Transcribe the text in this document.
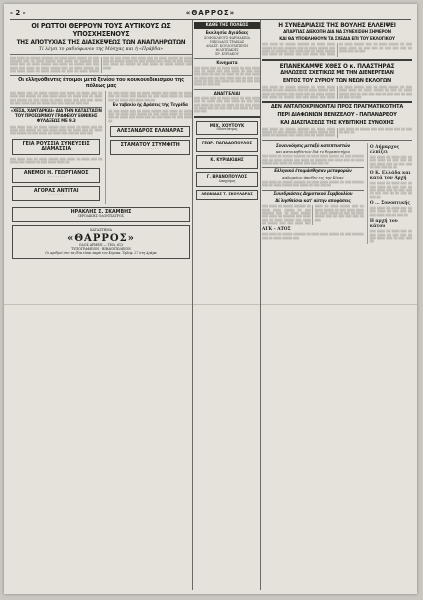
- 2 -	«ΘΑΡΡΟΣ»
ΟΙ ΡΩΤΤΟΙ ΘΕΡΡΟΥΝ ΤΟΥΣ ΑΥΤΙΚΟΥΣ ΩΣ ΥΠΟΣΧΗΣΕΝΟΥΣ
ΤΗΣ ΑΠΟΤΥΧΙΑΣ ΤΗΣ ΔΙΑΣΚΕΨΕΩΣ ΤΩΝ ΑΝΑΠΛΗΡΩΤΩΝ
Τί λέγει το ραδιόφωνον της Μόσχας και ή «Πράβδα»
░░░ ░░░░ ░░ ░░░░░ ░░░░░░ ░░ ░░░░ ░░░░ ░░░░░ ░░ ░░░ ░░░░░░ ░░░ ░░ ░░░░ ░░░░░ ░░░ ░░░░ ░░ ░░░░░░ ░░░ ░░░░ ░░░ ░░ ░░░░ ░░░░░ ░░░ ░░░░ ░░ ░░░░░ ░░░ ░░░ ░░░░ ░░░ ░░░░ ░░ ░░░░ ░░░░░ ░░░ ░░ ░░░░ ░░░░░ ░░ ░░░ ░░░░ ░░░░ ░░ ░░░░ ░░░░░ ░░ ░░░ ░░ ░░░░ ░░░░░ ░░░ ░░ ░░░ ░░░░ ░░░ ░░░░ ░░░ ░░ ░░░░ ░░░░░ ░░ ░░░░ ░░░ ░░ ░░░░░ ░░░░ ░░ ░░░ ░░░░░ ░░░ ░░░░ ░░ ░░░ ░░░░ ░░░ ░░░░ ░░ ░░░░░ ░░ ░░░ ░░░░ ░░ ░░░░ ░░░░░ ░░░ ░░░░
Οι ελληνόθεντες έτοιμοι μετά ξενίου του κουκουεδικισμου της πόλεως μας
░░░ ░░░░ ░░░ ░░ ░░░░ ░░░░░ ░░░ ░░░░ ░░ ░░░░ ░░░ ░░ ░░░░ ░░░ ░░░░░ ░░ ░░░ ░░░░ ░░░░ ░░ ░░░░ ░░░ ░░ ░░░░ ░░░ ░░░░░ ░░ ░░░ ░░░░ ░░ ░░░░ ░░░░ ░░░ ░░░ ░░░ ░░░░ ░░ ░░░ ░░░░ ░░░ ░░ ░░░░ ░░░ ░░░ ░░░ ░░ ░░░ ░░░
«ΧΕΣΑ, ΧΑΝΤΑΡΚΑΙ» ΔΙΑ ΤΗΝ ΚΑΤΑΣΤΑΣΙΝ ΤΟΥ ΠΡΟΣΩΡΙΝΟΥ ΓΡΑΦΕΙΟΥ ΕΘΝΙΚΗΣ ΦΥΛΑΞΕΩΣ ΜΕ 9.3
░░░ ░░░░ ░░░ ░░ ░░░░ ░░░░░ ░░░ ░░░░ ░░ ░░░░ ░░░ ░░ ░░░░ ░░░ ░░░░░ ░░ ░░░ ░░░░ ░░░░ ░░ ░░░░ ░░░ ░░ ░░░░ ░░░ ░░░░░ ░░ ░░░ ░░░░ ░░ ░░░░ ░░░ ░░░ ░░ ░░░ ░░░
ΓΕΙΑ ΡΟΥΣΣΙΑ ΣΥΝΕΥΞΕΙΣ ΔΙΑΜΑΣΣΙΑ
░░░ ░░░░ ░░░ ░░ ░░░░ ░░░░░ ░░░ ░░░░ ░░ ░░░░ ░░░ ░░ ░░░░ ░░░ ░░░░░ ░░ ░░░ ░░░░ ░░░░ ░░
ΑΝΕΜΟΙ Η. ΓΕΩΡΓΙΑΝΟΣ
· · · · · · · · ·
ΑΓΟΡΑΣ ΑΝΤΙΤΑΙ
· · · · · · · ·
░░ ░░░ ░░░░ ░░░ ░░ ░░░░ ░░░░░ ░░░ ░░░░ ░░ ░░░░ ░░░ ░░ ░░░░ ░░░ ░░░░░ ░░ ░░░ ░░░░ ░░░░ ░░ ░░░░ ░░░ ░░ ░░░░ ░░░ ░░░░ ░░░ ░░
Εν ταβεκίο ής Δράσεις τής Τεγρέδα
░░ ░░░ ░░░░ ░░░ ░░ ░░░░ ░░░░░ ░░░ ░░░░ ░░ ░░░░ ░░░ ░░ ░░░░ ░░░ ░░░░░ ░░ ░░░ ░░░░ ░░░░ ░░ ░░░░ ░░░ ░░ ░░░░ ░░░ ░░░░ ░░░ ░░ ░░░ ░░░░ ░░ ░░░ ░░░░ ░░
ΑΛΕΞΑΝΔΡΟΣ ΕΛΑΝΑΡΑΣ
ΣΤΑΜΑΤΟΥ ΣΤΥΜΦΙΤΗ
· · · · · · · ·
ΗΡΑΚΛΗΣ Σ. ΣΚΑΜΒΗΣ
ΙΕΡΟΔΙΚΗΣ ΟΔΟΝΤΙΑΤΡΟΣ
ΚΑΤΑΣΤΗΜΑ
«ΘΑΡΡΟΣ»
ΟΔΟΣ ΑΡΜΕΝ — ΤΗΛ. 613
ΤΥΠΟΓΡΑΦΕΙΟΝ · ΒΙΒΛΙΟΠΩΛΕΙΟΝ
Οι αριθμοί στο τα ίδια είσαι παρά του Κυριακ. Τηλεφ. 27 στη Δράμα
ΚΑΘΕ ΤΗΣ ΠΟΛΕΩΣ
Εκκλησία Αγιάδαες
ΣΟΦΟΚΛΕΟΥΣ ΦΑΡΜΑΚΕΙΑ
ΝΙΚΟΛΑΟΣ ΤΡΑΙΚΑΣ
ΑΝΑΣΤ. ΚΟΥΛΟΥΜΠΕΝΗ
ΦΙΛΙΠΠΑΚΗΣ
ΧΡ. ΚΥΡΙΑΚΟΥ
Κινηματα
░░░ ░░░░ ░░░ ░░ ░░░░ ░░░░ ░░ ░░░ ░░░░ ░░░ ░░ ░░░░ ░░░ ░░░ ░░░░ ░░ ░░░ ░░░ ░░░ ░░░░ ░░ ░░░ ░░ ░░░░ ░░ ░░ ░░░ ░░░░ ░░ ░░░░ ░░░ ░░ ░░░ ░░░░ ░░░ ░░ ░░░ ░░░ ░░░░ ░░ ░░░ ░░░ ░░░░ ░░ ░░░ ░░ ░░░ ░░░ ░░░░ ░░ ░░░ ░░░
ΑΝΑΓΓΕΛΙΑΙ
░░░ ░░░░ ░░░ ░░ ░░░░ ░░░░ ░░ ░░░ ░░░░ ░░░ ░░ ░░░░ ░░░ ░░░ ░░░░ ░░ ░░░ ░░░ ░░░ ░░░░ ░░ ░░░ ░░ ░░░░ ░░ ░░ ░░░ ░░░░ ░░ ░░░░ ░░░ ░░ ░░░ ░░░ ░░░ ░░░░ ░░ ░░░ ░░░ ░░░
ΜΙΧ. ΧΟΥΤΟΥΚ
Οδοντίατρος
ΓΕΩΡ. ΠΑΠΑΔΟΠΟΥΛΟΣ
· · · · · ·
Κ. ΚΥΡΙΑΚΙΔΗΣ
· · · · · ·
Γ. ΒΡΑΝΟΠΟΥΛΟΣ
Δικηγόρος
ΛΕΩΝΙΔΑΣ Τ. ΣΚΟΥΛΑΡΑΣ
Η ΣΥΝΕΔΡΙΑΣΙΣ ΤΗΣ ΒΟΥΛΗΣ ΕΛΛΕΙΨΕΙ
ΑΠΑΡΤΙΑΣ ΔΙΕΚΟΠΗ ΔΙΑ ΝΑ ΣΥΝΕΧΙΣΘΗ ΣΗΜΕΡΟΝ
ΚΑΙ ΘΑ ΥΠΟΒΛΗΘΟΥΝ ΤΑ ΣΧΕΔΙΑ ΕΠΙ ΤΟΥ ΕΚΛΟΓΙΚΟΥ
░░░ ░░░░ ░░ ░░░░░ ░░░░░░ ░░ ░░░░ ░░░░ ░░░░░ ░░ ░░░ ░░░░░░ ░░░ ░░ ░░░░ ░░░░░ ░░░ ░░░░ ░░ ░░░░░░ ░░░ ░░░░ ░░░ ░░ ░░░░ ░░░░░ ░░░ ░░░░ ░░ ░░░░░ ░░░ ░░░ ░░░░ ░░░ ░░░░ ░░ ░░░░ ░░░░░ ░░░ ░░ ░░░░ ░░░░░ ░░ ░░░ ░░░░ ░░░░ ░░ ░░░ ░░░ ░░ ░░░ ░░░ ░░░ ░░ ░░░░ ░░░ ░░ ░░░
ΕΠΑΝΕΚΑΜΨΕ ΧΘΕΣ Ο κ. ΠΛΑΣΤΗΡΑΣ
ΔΗΛΩΣΕΙΣ ΣΧΕΤΙΚΩΣ ΜΕ ΤΗΝ ΔΙΕΝΕΡΓΕΙΑΝ
ΕΝΤΟΣ ΤΟΥ ΣΥΡΙΟΥ ΤΩΝ ΝΕΩΝ ΕΚΛΟΓΩΝ
░░░ ░░░░ ░░ ░░░░░ ░░░░░░ ░░ ░░░░ ░░░░ ░░░░░ ░░ ░░░ ░░░░░░ ░░░ ░░ ░░░░ ░░░░░ ░░░ ░░░░ ░░ ░░░░░░ ░░░ ░░░░ ░░░ ░░ ░░░░ ░░░░░ ░░░ ░░░░ ░░ ░░░░░ ░░░ ░░░ ░░░░ ░░░ ░░░░ ░░ ░░░░ ░░░░░ ░░░ ░░ ░░░░ ░░░░░ ░░ ░░░ ░░░░ ░░░░ ░░ ░░░░ ░░░░░ ░░ ░░░ ░░ ░░░░ ░░░░░ ░░░ ░░ ░░░ ░░░ ░░░ ░░ ░░░ ░░░ ░░ ░░░ ░░ ░░░ ░░ ░░░
ΔΕΝ ΑΝΤΑΠΟΚΡΙΝΟΝΤΑΙ ΠΡΟΣ ΠΡΑΓΜΑΤΙΚΟΤΗΤΑ
ΠΕΡΙ ΔΙΑΦΩΝΙΩΝ ΒΕΝΙΖΕΛΟΥ - ΠΑΠΑΝΔΡΕΟΥ
ΚΑΙ ΔΙΑΣΠΑΣΕΩΣ ΤΗΣ ΚΥΒΙΤΙΚΗΣ ΣΥΝΟΧΗΣ
░░░ ░░░░ ░░ ░░░░░ ░░░░░░ ░░ ░░░░ ░░░░ ░░░░░ ░░ ░░░ ░░░░░░ ░░░ ░░ ░░░░ ░░░░░ ░░░ ░░░░ ░░ ░░░░░░ ░░░ ░░░░ ░░░ ░░ ░░░░ ░░░░░ ░░░ ░░░░ ░░ ░░░░░ ░░░ ░░░ ░░░░ ░░░ ░░ ░░░ ░░ ░░░ ░░
Συνεννόησις μεταξύ κατεπτυστών
και κατοικηθέντων διά το θεραπευτήριο
░░░ ░░░░ ░░ ░░░░░ ░░░░░░ ░░ ░░░░ ░░░░ ░░░░░ ░░ ░░░ ░░░░░░ ░░░ ░░ ░░░░ ░░░░░ ░░░ ░░░░ ░░ ░░░░░░ ░░░ ░░░░ ░░░ ░░ ░░░░ ░░░░░ ░░░ ░░░░ ░░ ░░░░░ ░░░ ░░░ ░░░ ░░
Ελληνικά έτοιμάσθησαν μεταφορών
καλομοίων άπωθεν εις την Κίναν
░░░ ░░░░ ░░ ░░░░░ ░░░░░░ ░░ ░░░░ ░░░░ ░░░░░ ░░ ░░░ ░░░░░░ ░░░ ░░ ░░░░ ░░░░░ ░░░ ░░░░ ░░ ░░░ ░░░ ░░
Συνεδριάσεις Δημοτικού Συμβουλίου
Αί λησθείσαι κατ' αύτην αποφάσεις
░░░ ░░░░ ░░ ░░░░░ ░░░░░░ ░░ ░░░░ ░░░░ ░░░░░ ░░ ░░░ ░░░░░░ ░░░ ░░ ░░░░ ░░░░░ ░░░ ░░░░ ░░ ░░░░░░ ░░░ ░░░░ ░░░ ░░ ░░░░ ░░░░░ ░░░ ░░░░ ░░ ░░░░░ ░░░ ░░░ ░░░░ ░░░ ░░░░ ░░ ░░░░ ░░░░░ ░░░ ░░ ░░░░ ░░░░░ ░░ ░░░ ░░░░ ░░░░ ░░ ░░░░ ░░░░░ ░░ ░░░ ░░ ░░░░ ░░░░░ ░░░ ░░ ░░░ ░░░ ░░░ ░░ ░░░
ΑΓΚ – ΑΤΟΣ
░░░ ░░░░ ░░ ░░░░░ ░░░░░░ ░░ ░░░░ ░░░░ ░░░░░ ░░ ░░░ ░░░░░░ ░░░ ░░ ░░░░ ░░░░░ ░░░
Ο Δήμαρχος ελπίζει
░░░ ░░░░ ░░ ░░░░ ░░░ ░░ ░░░ ░░░░ ░░ ░░░ ░░░ ░░ ░░░ ░░░░ ░░░ ░░ ░░░ ░░░ ░░ ░░░ ░░░ ░░ ░░
Ο Κ. Ελλάδα και κατά τον Αρχή
░░░ ░░░░ ░░ ░░░░ ░░░ ░░ ░░░ ░░░░ ░░ ░░░ ░░░ ░░ ░░░ ░░░░ ░░░ ░░ ░░░ ░░░ ░░ ░░░ ░░░ ░░ ░░ ░░░ ░░ ░░░ ░░
Ο ... Συνοπτικής
░░░ ░░░░ ░░ ░░░░ ░░░ ░░ ░░░ ░░░░ ░░ ░░░ ░░░ ░░ ░░░ ░░░░ ░░░ ░░ ░░░ ░░
Η αρχή του κάτου
░░░ ░░░░ ░░ ░░░░ ░░░ ░░ ░░░ ░░░░ ░░ ░░░ ░░░ ░░ ░░░ ░░░░ ░░░ ░░ ░░░ ░░░ ░░
